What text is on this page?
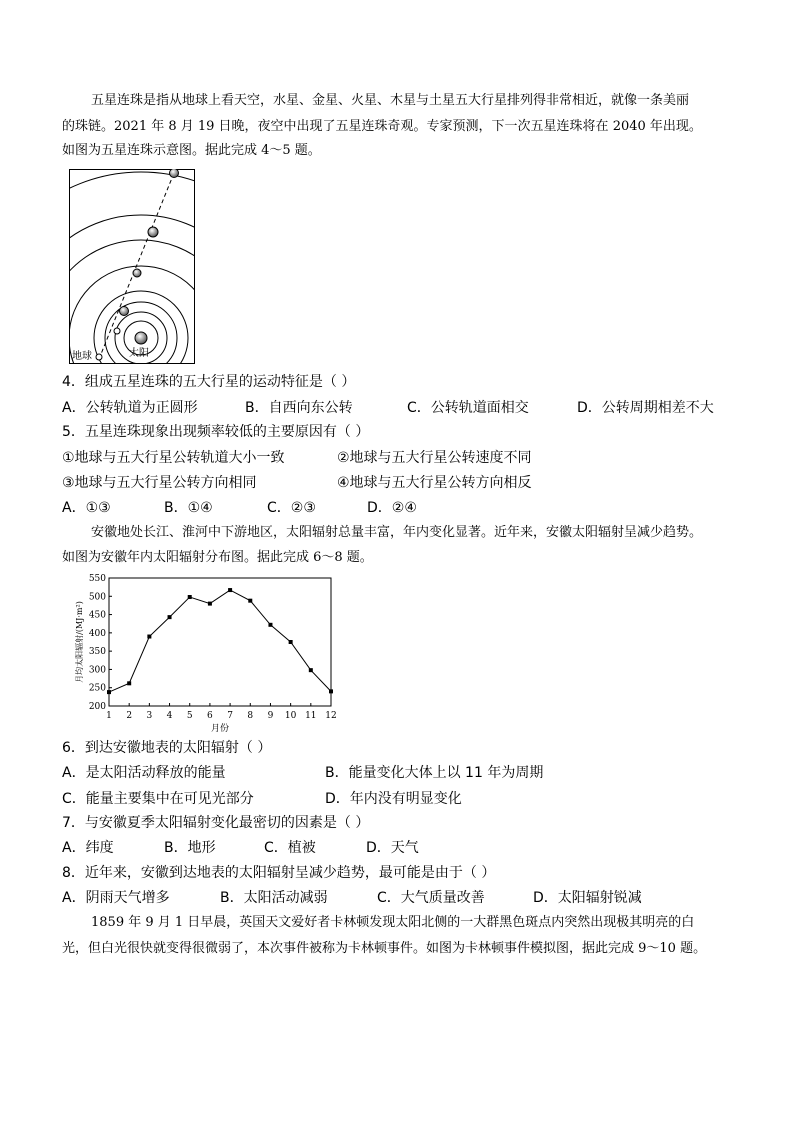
五星连珠是指从地球上看天空，水星、金星、火星、木星与土星五大行星排列得非常相近，就像一条美丽
的珠链。2021 年 8 月 19 日晚，夜空中出现了五星连珠奇观。专家预测，下一次五星连珠将在 2040 年出现。
如图为五星连珠示意图。据此完成 4～5 题。
太阳
地球
4．组成五星连珠的五大行星的运动特征是（ ）
A．公转轨道为正圆形	B．自西向东公转	C．公转轨道面相交	D．公转周期相差不大
5．五星连珠现象出现频率较低的主要原因有（ ）
①地球与五大行星公转轨道大小一致	②地球与五大行星公转速度不同
③地球与五大行星公转方向相同	④地球与五大行星公转方向相反
A．①③	B．①④	C．②③	D．②④
安徽地处长江、淮河中下游地区，太阳辐射总量丰富，年内变化显著。近年来，安徽太阳辐射呈减少趋势。
如图为安徽年内太阳辐射分布图。据此完成 6～8 题。
200
250
300
350
400
450
500
550
1 2 3 4 5 6 7 8 9 10 11 12
月份
月均太阳辐射/(MJ·m²)
6．到达安徽地表的太阳辐射（ ）
A．是太阳活动释放的能量	B．能量变化大体上以 11 年为周期
C．能量主要集中在可见光部分	D．年内没有明显变化
7．与安徽夏季太阳辐射变化最密切的因素是（ ）
A．纬度	B．地形	C．植被	D．天气
8．近年来，安徽到达地表的太阳辐射呈减少趋势，最可能是由于（ ）
A．阴雨天气增多	B．太阳活动减弱	C．大气质量改善	D．太阳辐射锐减
1859 年 9 月 1 日早晨，英国天文爱好者卡林顿发现太阳北侧的一大群黑色斑点内突然出现极其明亮的白
光，但白光很快就变得很微弱了，本次事件被称为卡林顿事件。如图为卡林顿事件模拟图，据此完成 9～10 题。
